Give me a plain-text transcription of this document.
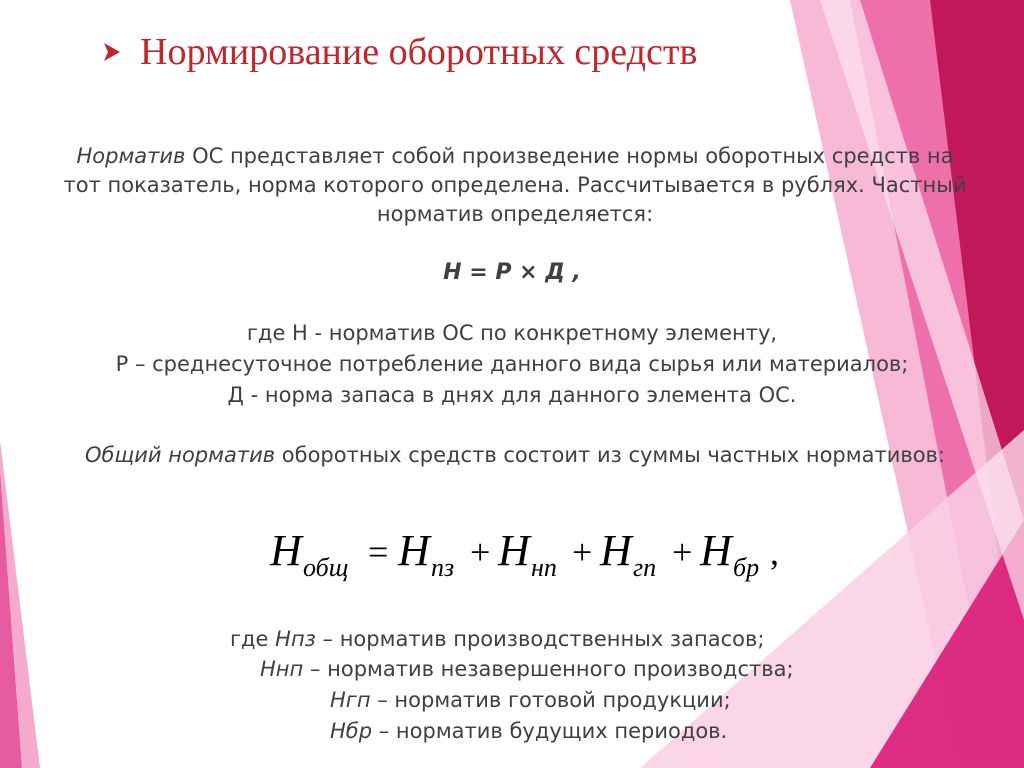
Нормирование оборотных средств
Норматив ОС представляет собой произведение нормы оборотных средств на
тот показатель, норма которого определена. Рассчитывается в рублях. Частный
норматив определяется:
Н = Р × Д ,
где Н - норматив ОС по конкретному элементу,
Р – среднесуточное потребление данного вида сырья или материалов;
Д - норма запаса в днях для данного элемента ОС.
Общий норматив оборотных средств состоит из суммы частных нормативов:
H общ = H пз + H нп + H гп + H бр ,
где Нпз – норматив производственных запасов;
Ннп – норматив незавершенного производства;
Нгп – норматив готовой продукции;
Нбр – норматив будущих периодов.
